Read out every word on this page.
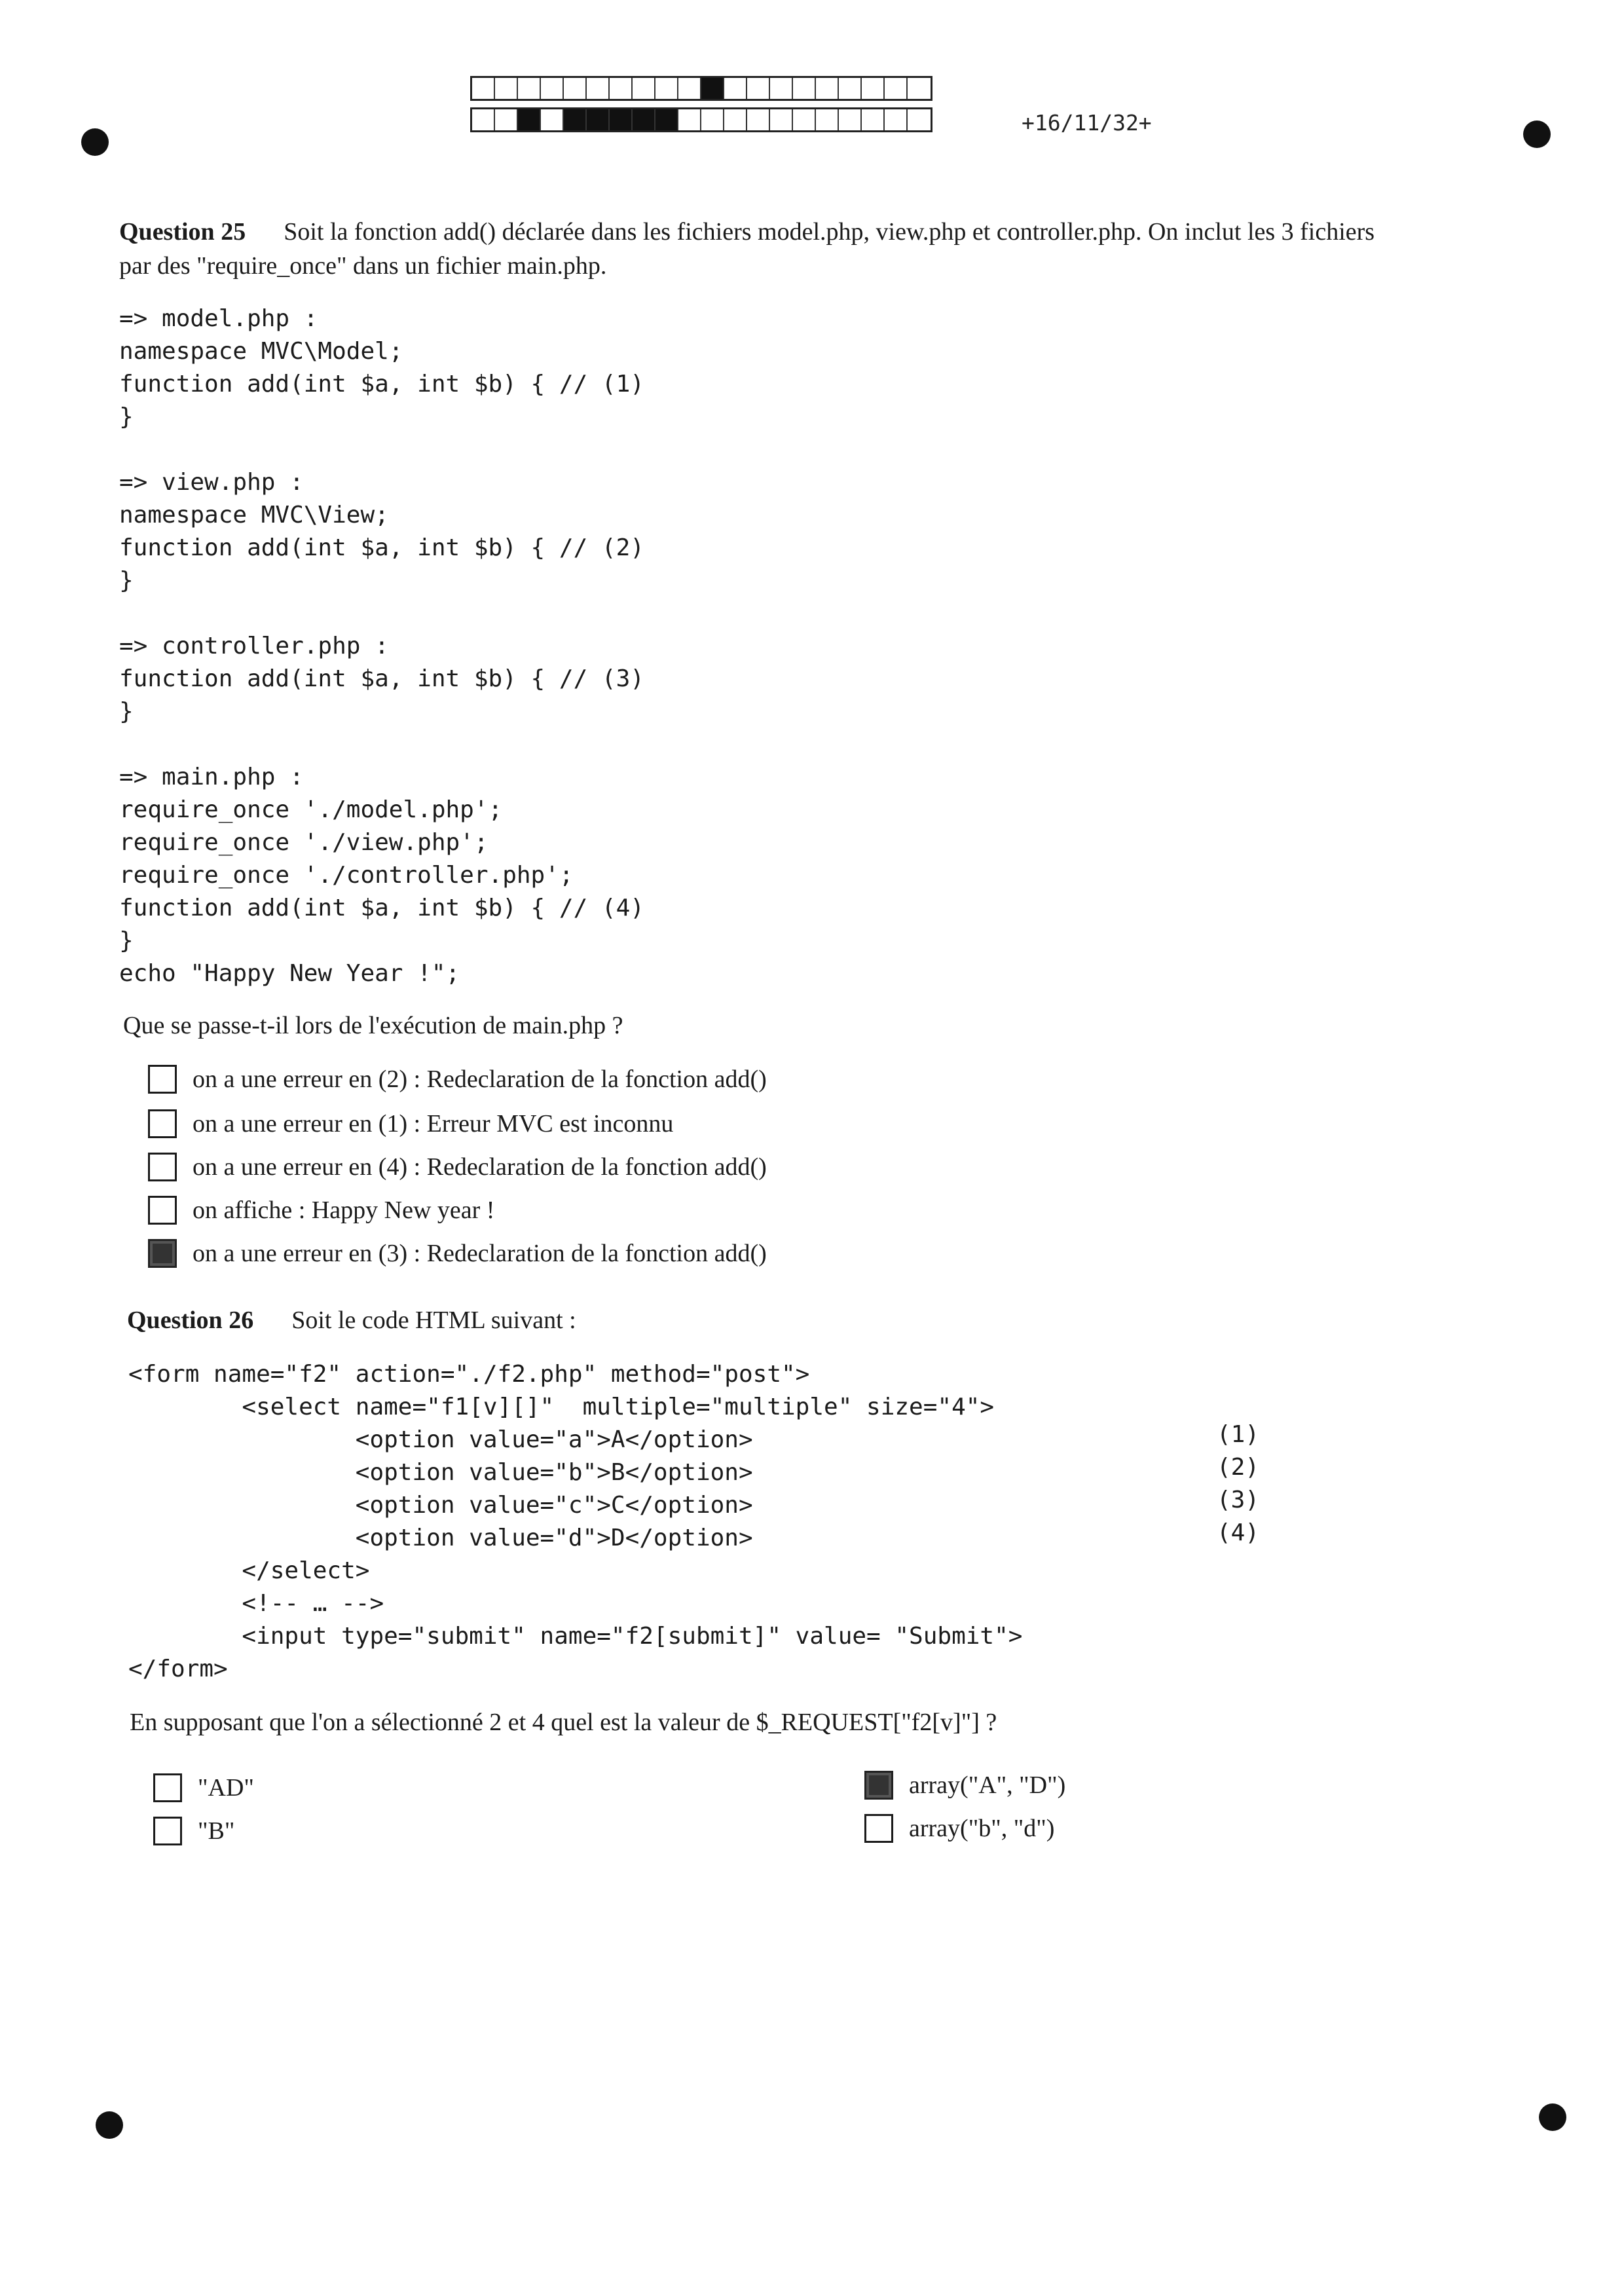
+16/11/32+
Question 25 Soit la fonction add() déclarée dans les fichiers model.php, view.php et controller.php. On inclut les 3 fichiers
par des "require_once" dans un fichier main.php.
=> model.php :
namespace MVC\Model;
function add(int $a, int $b) { // (1)
}
=> view.php :
namespace MVC\View;
function add(int $a, int $b) { // (2)
}
=> controller.php :
function add(int $a, int $b) { // (3)
}
=> main.php :
require_once './model.php';
require_once './view.php';
require_once './controller.php';
function add(int $a, int $b) { // (4)
}
echo "Happy New Year !";
Que se passe-t-il lors de l'exécution de main.php ?
on a une erreur en (2) : Redeclaration de la fonction add()
on a une erreur en (1) : Erreur MVC est inconnu
on a une erreur en (4) : Redeclaration de la fonction add()
on affiche : Happy New year !
on a une erreur en (3) : Redeclaration de la fonction add()
Question 26 Soit le code HTML suivant :
<form name="f2" action="./f2.php" method="post">
<select name="f1[v][]"  multiple="multiple" size="4">
<option value="a">A</option>
<option value="b">B</option>
<option value="c">C</option>
<option value="d">D</option>
</select>
<!-- … -->
<input type="submit" name="f2[submit]" value= "Submit">
</form>
(1)
(2)
(3)
(4)
En supposant que l'on a sélectionné 2 et 4 quel est la valeur de $_REQUEST["f2[v]"] ?
"AD"
"B"
array("A", "D")
array("b", "d")
